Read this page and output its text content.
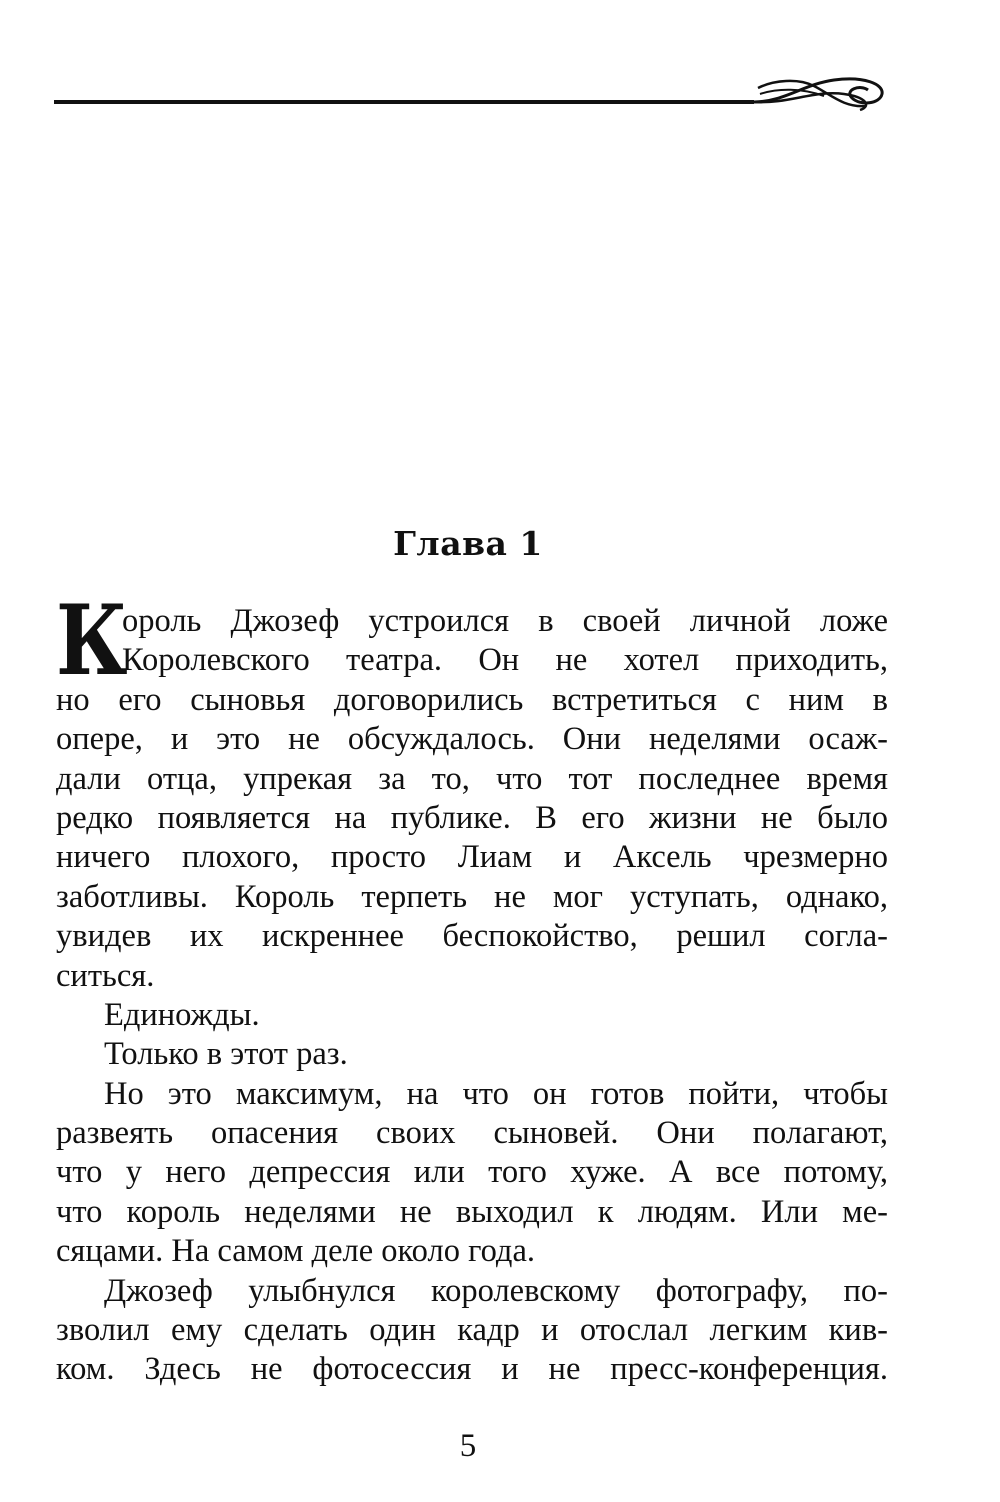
Глава 1
К
ороль Джозеф устроился в своей личной ложе
Королевского театра. Он не хотел приходить,
но его сыновья договорились встретиться с ним в
опере, и это не обсуждалось. Они неделями осаж-
дали отца, упрекая за то, что тот последнее время
редко появляется на публике. В его жизни не было
ничего плохого, просто Лиам и Аксель чрезмерно
заботливы. Король терпеть не мог уступать, однако,
увидев их искреннее беспокойство, решил согла-
ситься.
Единожды.
Только в этот раз.
Но это максимум, на что он готов пойти, чтобы
развеять опасения своих сыновей. Они полагают,
что у него депрессия или того хуже. А все потому,
что король неделями не выходил к людям. Или ме-
сяцами. На самом деле около года.
Джозеф улыбнулся королевскому фотографу, по-
зволил ему сделать один кадр и отослал легким кив-
ком. Здесь не фотосессия и не пресс-конференция.
5
